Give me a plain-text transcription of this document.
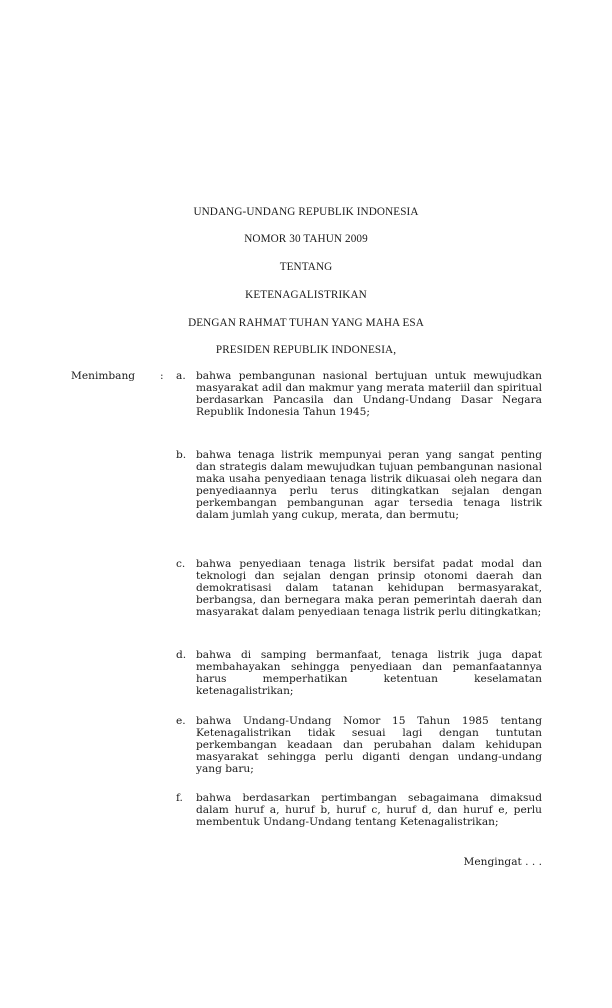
UNDANG-UNDANG REPUBLIK INDONESIA
NOMOR 30 TAHUN 2009
TENTANG
KETENAGALISTRIKAN
DENGAN RAHMAT TUHAN YANG MAHA ESA
PRESIDEN REPUBLIK INDONESIA,
Menimbang : a. bahwa pembangunan nasional bertujuan untuk mewujudkan masyarakat adil dan makmur yang merata materiil dan spiritual berdasarkan Pancasila dan Undang-Undang Dasar Negara Republik Indonesia Tahun 1945;
b. bahwa tenaga listrik mempunyai peran yang sangat penting dan strategis dalam mewujudkan tujuan pembangunan nasional maka usaha penyediaan tenaga listrik dikuasai oleh negara dan penyediaannya perlu terus ditingkatkan sejalan dengan perkembangan pembangunan agar tersedia tenaga listrik dalam jumlah yang cukup, merata, dan bermutu;
c.	bahwa penyediaan tenaga listrik bersifat padat modal dan teknologi dan sejalan dengan prinsip otonomi daerah dan demokratisasi dalam tatanan kehidupan bermasyarakat, berbangsa, dan bernegara maka peran pemerintah daerah dan masyarakat dalam penyediaan tenaga listrik perlu ditingkatkan;
d. bahwa di samping bermanfaat, tenaga listrik juga dapat membahayakan sehingga penyediaan dan pemanfaatannya harus memperhatikan ketentuan keselamatan ketenagalistrikan;
e. bahwa Undang-Undang Nomor 15 Tahun 1985 tentang Ketenagalistrikan tidak sesuai lagi dengan tuntutan perkembangan keadaan dan perubahan dalam kehidupan masyarakat sehingga perlu diganti dengan undang-undang yang baru;
f.	bahwa berdasarkan pertimbangan sebagaimana dimaksud dalam huruf a, huruf b, huruf c, huruf d, dan huruf e, perlu membentuk Undang-Undang tentang Ketenagalistrikan;
Mengingat . . .
